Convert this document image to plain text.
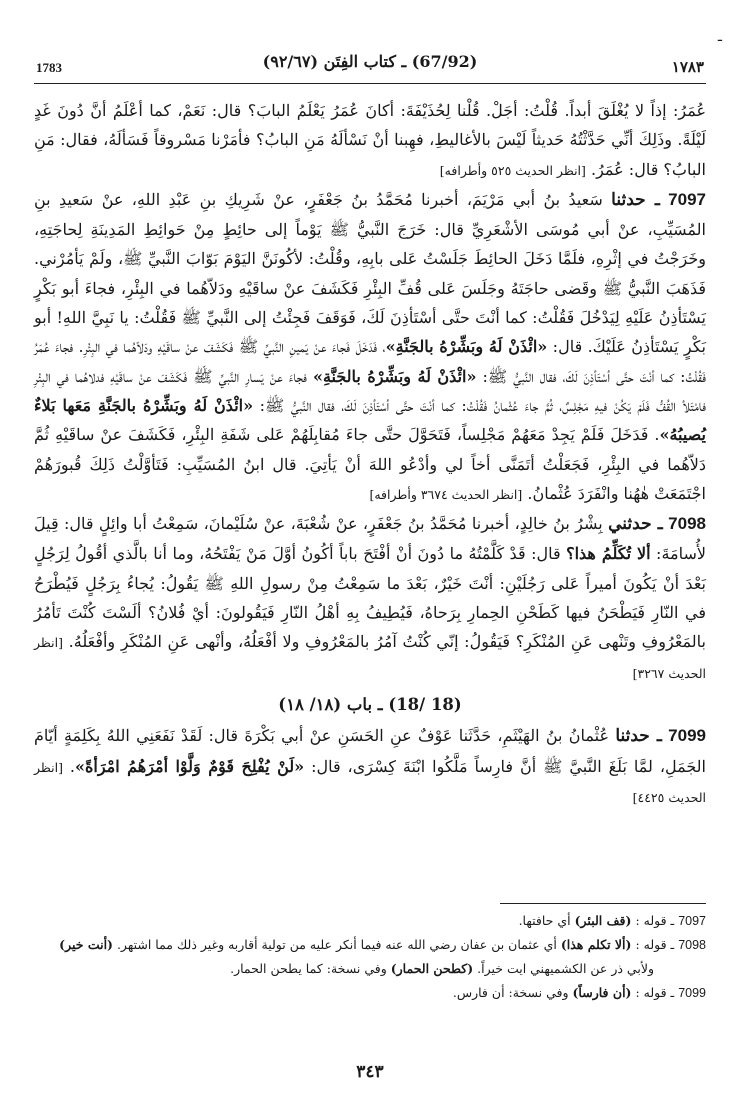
ـ
1783	(67/92) ـ كتاب الفِتَن (٩٢/٦٧)	١٧٨٣

عُمَرُ: إذاً لا يُغْلَقَ أبداً. قُلْتُ: أجَلْ. قُلْنا لِحُذَيْفَةَ: أكانَ عُمَرُ يَعْلَمُ البابَ؟ قال: نَعَمْ، كما أعْلَمُ أنَّ دُونَ غَدٍ لَيْلَةً. وذَلِكَ أنِّي حَدَّثْتُهُ حَديثاً لَيْسَ بالأغاليطِ، فهِبنا أنْ نَسْألَهُ مَنِ البابُ؟ فأمَرْنا مَسْروقاً فَسَألَهُ، فقال: مَنِ البابُ؟ قال: عُمَرُ. [انظر الحديث ٥٢٥ وأطرافه]

7097 ـ حدثنا سَعيدُ بنُ أبي مَرْيَمَ، أخبرنا مُحَمَّدُ بنُ جَعْفَرٍ، عنْ شَرِيكِ بنِ عَبْدِ اللهِ، عنْ سَعيدِ بنِ المُسَيِّبِ، عنْ أبي مُوسَى الأشْعَرِيِّ قال: خَرَجَ النَّبيُّ ﷺ يَوْماً إلى حائِطٍ مِنْ حَوائِطِ المَدِينَةِ لِحاجَتِهِ، وخَرَجْتُ في إثْرِهِ، فلَمَّا دَخَلَ الحائِطَ جَلَسْتُ عَلى بابِهِ، وقُلْتُ: لأكُونَنَّ اليَوْمَ بَوّابَ النَّبيِّ ﷺ، ولَمْ يَأمُرْني. فَذَهَبَ النَّبيُّ ﷺ وقَضى حاجَتَهُ وجَلَسَ عَلى قُفِّ البِئْرِ فَكَشَفَ عنْ ساقَيْهِ ودَلاّهُما في البِئْرِ، فجاءَ أبو بَكْرٍ يَسْتَأذِنُ عَلَيْهِ لِيَدْخُلَ فَقُلْتُ: كما أنْتَ حتَّى أسْتَأذِنَ لَكَ، فَوَقَفَ فَجِئْتُ إلى النَّبيِّ ﷺ فَقُلْتُ: يا نَبِيَّ اللهِ! أبو بَكْرٍ يَسْتَأذِنُ عَلَيْكَ. قال: «ائْذَنْ لَهُ وبَشِّرْهُ بالجَنَّةِ»، فَدَخَلَ فَجاءَ عنْ يَمينِ النَّبيِّ ﷺ فَكَشَفَ عنْ ساقَيْهِ ودَلاّهُما في البِئْرِ. فجاءَ عُمَرُ فَقُلْتُ: كما أنْتَ حتَّى أسْتَأذِنَ لَكَ، فقال النَّبيُّ ﷺ: «ائْذَنْ لَهُ وبَشِّرْهُ بالجَنَّةِ» فجاءَ عنْ يَسارِ النَّبيِّ ﷺ فَكَشَفَ عنْ ساقَيْهِ فدلاهُما في البِئْرِ فامْتَلأ القُفُّ فَلَمْ يَكُنْ فيهِ مَجْلِسٌ، ثُمَّ جاءَ عُثْمانُ فَقُلْتُ: كما أنْتَ حتَّى أسْتَأذِنَ لَكَ، فقال النَّبيُّ ﷺ: «ائْذَنْ لَهُ وبَشِّرْهُ بالجَنَّةِ مَعَها بَلاءٌ يُصيبُهُ». فَدَخَلَ فَلَمْ يَجِدْ مَعَهُمْ مَجْلِساً، فَتَحَوَّلَ حتَّى جاءَ مُقابِلَهُمْ عَلى شَفَةِ البِئْرِ، فَكَشَفَ عنْ ساقَيْهِ ثُمَّ دَلاّهُما في البِئْرِ، فَجَعَلْتُ أتَمَنَّى أخاً لي وأدْعُو اللهَ أنْ يَأتِيَ. قال ابنُ المُسَيِّبِ: فَتَأوَّلْتُ ذَلِكَ قُبورَهُمْ اجْتَمَعَتْ هٰهُنا وانْفَرَدَ عُثْمانُ. [انظر الحديث ٣٦٧٤ وأطرافه]

7098 ـ حدثني بِشْرُ بنُ خالِدٍ، أخبرنا مُحَمَّدُ بنُ جَعْفَرٍ، عنْ شُعْبَةَ، عنْ سُلَيْمانَ، سَمِعْتُ أبا وائِلٍ قال: قِيلَ لأُسامَةَ: ألا تُكَلِّمُ هذا؟ قال: قَدْ كَلَّمْتُهُ ما دُونَ أنْ أفْتَحَ باباً أكُونُ أوَّلَ مَنْ يَفْتَحُهُ، وما أنا بالَّذي أقُولُ لِرَجُلٍ بَعْدَ أنْ يَكُونَ أميراً عَلى رَجُلَيْنِ: أنْتَ خَيْرٌ، بَعْدَ ما سَمِعْتُ مِنْ رسولِ اللهِ ﷺ يَقُولُ: يُجاءُ بِرَجُلٍ فَيُطْرَحُ في النّارِ فَيَطْحَنُ فيها كَطَحْنِ الحِمارِ بِرَحاهُ، فَيُطِيفُ بِهِ أهْلُ النّارِ فَيَقُولونَ: أيْ فُلانُ؟ ألَسْتَ كُنْتَ تَأمُرُ بالمَعْرُوفِ وتَنْهى عَنِ المُنْكَرِ؟ فَيَقُولُ: إنّي كُنْتُ آمُرُ بالمَعْرُوفِ ولا أفْعَلُهُ، وأنْهى عَنِ المُنْكَرِ وأفْعَلُهُ. [انظر الحديث ٣٢٦٧]

(18 /18) ـ باب (١٨/ ١٨)

7099 ـ حدثنا عُثْمانُ بنُ الهَيْثَمِ، حَدَّثَنا عَوْفٌ عنِ الحَسَنِ عنْ أبي بَكْرَةَ قال: لَقَدْ نَفَعَنِي اللهُ بِكَلِمَةٍ أيّامَ الجَمَلِ، لمَّا بَلَغَ النَّبيَّ ﷺ أنَّ فارِساً مَلَّكُوا ابْنَةَ كِسْرَى، قال: «لَنْ يُفْلِحَ قَوْمٌ وَلَّوْا أمْرَهُمُ امْرَأةً». [انظر الحديث ٤٤٢٥]

7097 ـ قوله : (قف البئر) أي حافتها.

7098 ـ قوله : (ألا تكلم هذا) أي عثمان بن عفان رضي الله عنه فيما أنكر عليه من تولية أقاربه وغير ذلك مما اشتهر. (أنت خير)

ولأبي ذر عن الكشميهني ايت خيراً. (كطحن الحمار) وفي نسخة: كما يطحن الحمار.

7099 ـ قوله : (أن فارساً) وفي نسخة: أن فارس.

٣٤٣
